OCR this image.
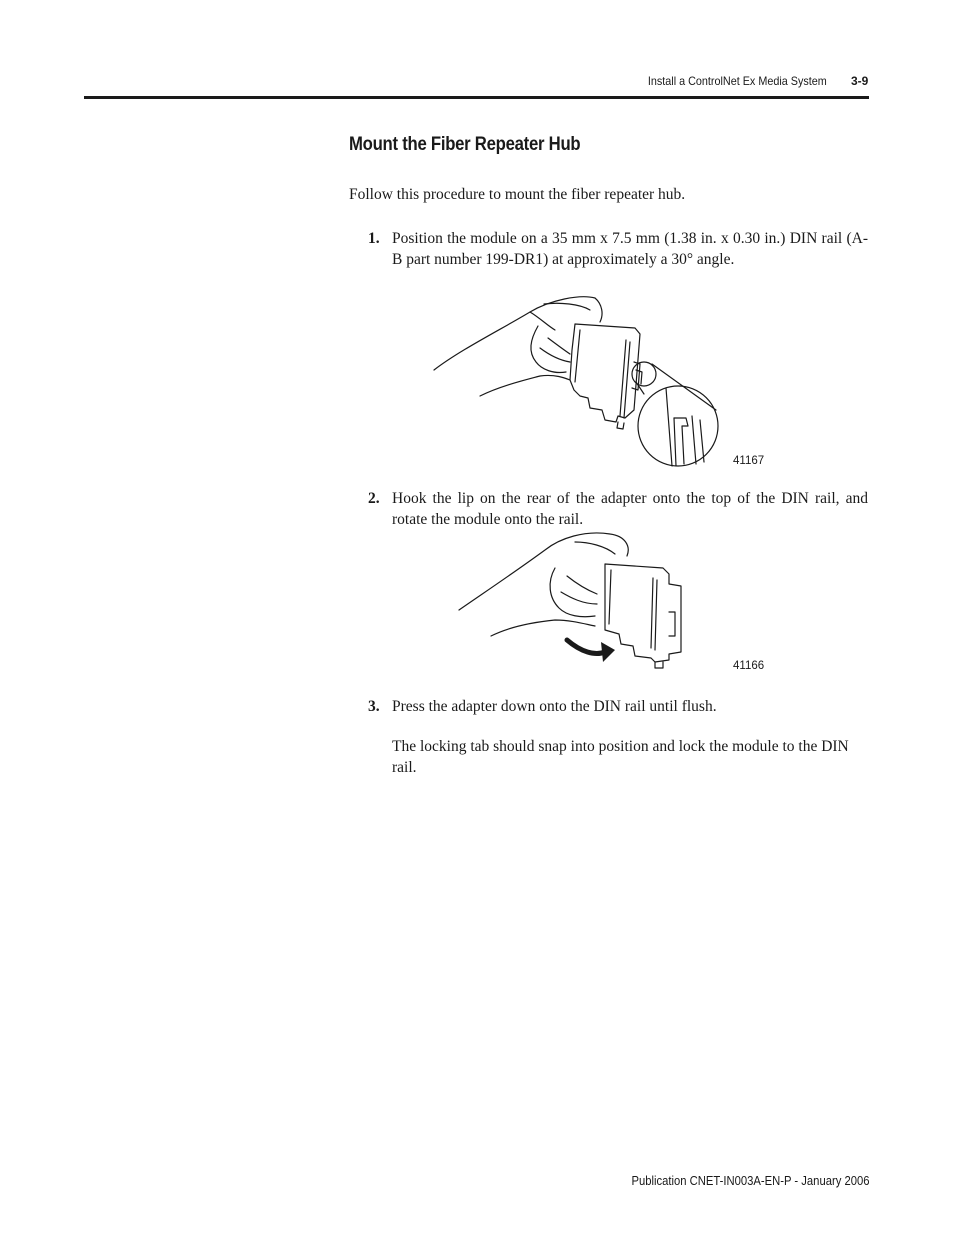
Install a ControlNet Ex Media System 3-9
Mount the Fiber Repeater Hub
Follow this procedure to mount the fiber repeater hub.
1. Position the module on a 35 mm x 7.5 mm (1.38 in. x 0.30 in.) DIN rail (A-B part number 199-DR1) at approximately a 30° angle.
41167
2. Hook the lip on the rear of the adapter onto the top of the DIN rail, and rotate the module onto the rail.
41166
3. Press the adapter down onto the DIN rail until flush.
The locking tab should snap into position and lock the module to the DIN rail.
Publication CNET-IN003A-EN-P - January 2006
